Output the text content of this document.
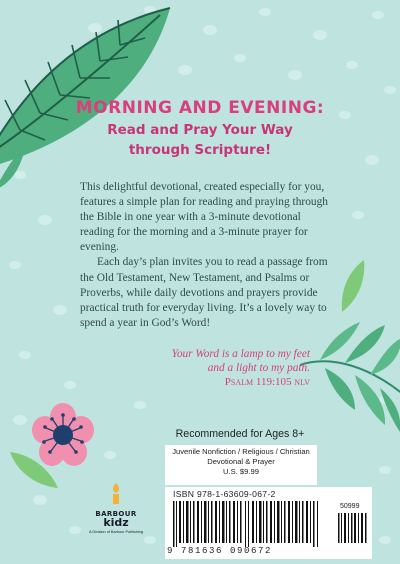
MORNING AND EVENING:
Read and Pray Your Way
through Scripture!

This delightful devotional, created especially for you, features a simple plan for reading and praying through the Bible in one year with a 3-minute devotional reading for the morning and a 3-minute prayer for evening.

Each day’s plan invites you to read a passage from the Old Testament, New Testament, and Psalms or Proverbs, while daily devotions and prayers provide practical truth for everyday living. It’s a lovely way to spend a year in God’s Word!

Your Word is a lamp to my feet
and a light to my path.
Psalm 119:105 nlv
Recommended for Ages 8+
Juvenile Nonfiction / Religious / Christian
Devotional & Prayer
U.S. $9.99
ISBN 978-1-63609-067-2
50999
9 781636 090672
BARBOUR
kidz
A Division of Barbour Publishing
